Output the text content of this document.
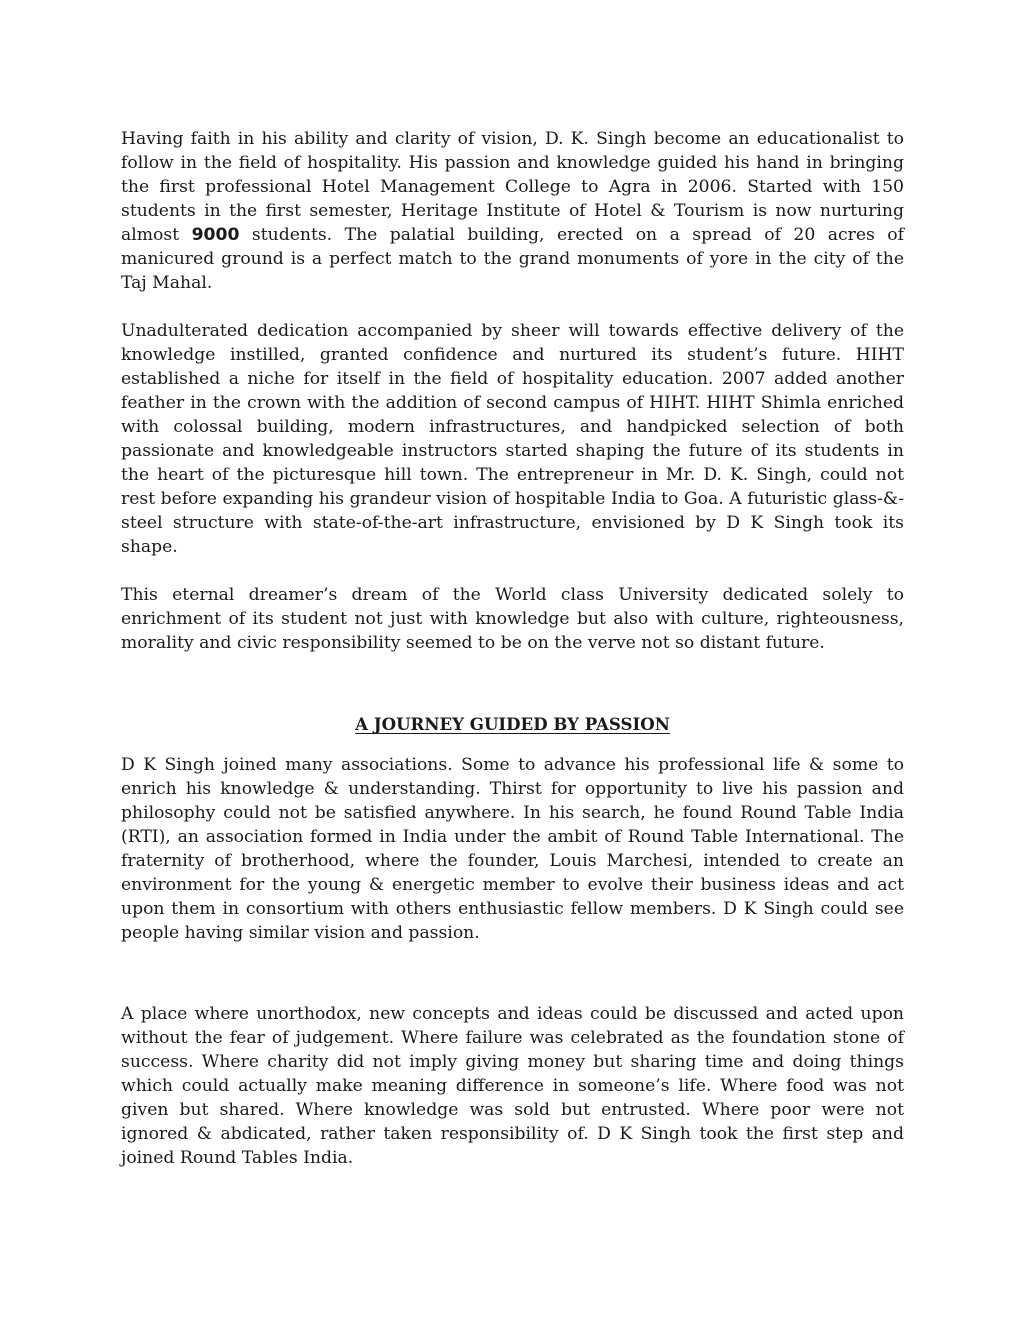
Having faith in his ability and clarity of vision, D. K. Singh become an educationalist to follow in the field of hospitality. His passion and knowledge guided his hand in bringing the first professional Hotel Management College to Agra in 2006. Started with 150 students in the first semester, Heritage Institute of Hotel & Tourism is now nurturing almost 9000 students. The palatial building, erected on a spread of 20 acres of manicured ground is a perfect match to the grand monuments of yore in the city of the Taj Mahal.

Unadulterated dedication accompanied by sheer will towards effective delivery of the knowledge instilled, granted confidence and nurtured its student’s future. HIHT established a niche for itself in the field of hospitality education. 2007 added another feather in the crown with the addition of second campus of HIHT. HIHT Shimla enriched with colossal building, modern infrastructures, and handpicked selection of both passionate and knowledgeable instructors started shaping the future of its students in the heart of the picturesque hill town. The entrepreneur in Mr. D. K. Singh, could not rest before expanding his grandeur vision of hospitable India to Goa. A futuristic glass-&-steel structure with state-of-the-art infrastructure, envisioned by D K Singh took its shape.

This eternal dreamer’s dream of the World class University dedicated solely to enrichment of its student not just with knowledge but also with culture, righteousness, morality and civic responsibility seemed to be on the verve not so distant future.

A JOURNEY GUIDED BY PASSION

D K Singh joined many associations. Some to advance his professional life & some to enrich his knowledge & understanding. Thirst for opportunity to live his passion and philosophy could not be satisfied anywhere. In his search, he found Round Table India (RTI), an association formed in India under the ambit of Round Table International. The fraternity of brotherhood, where the founder, Louis Marchesi, intended to create an environment for the young & energetic member to evolve their business ideas and act upon them in consortium with others enthusiastic fellow members. D K Singh could see people having similar vision and passion.

A place where unorthodox, new concepts and ideas could be discussed and acted upon without the fear of judgement. Where failure was celebrated as the foundation stone of success. Where charity did not imply giving money but sharing time and doing things which could actually make meaning difference in someone’s life. Where food was not given but shared. Where knowledge was sold but entrusted. Where poor were not ignored & abdicated, rather taken responsibility of. D K Singh took the first step and joined Round Tables India.
